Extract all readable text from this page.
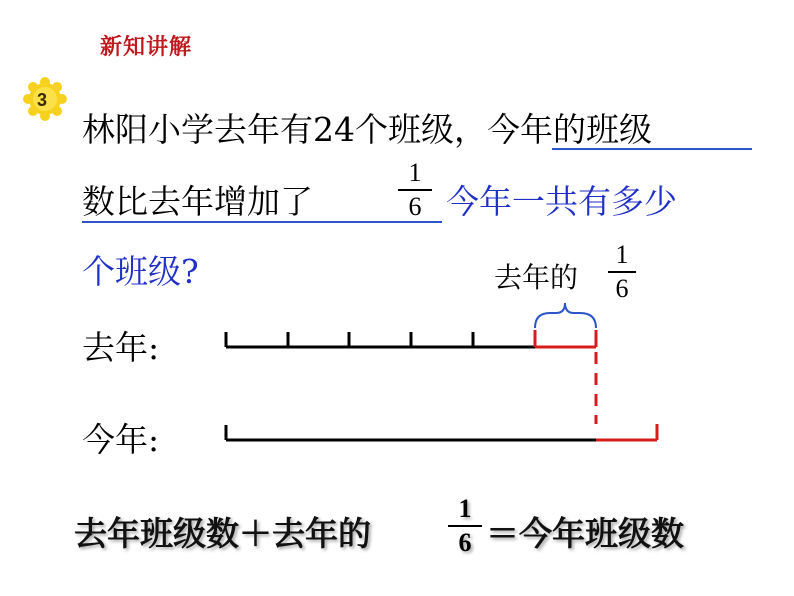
新知讲解
3
林阳小学去年有24个班级，今年的班级
数比去年增加了
1
6 今年一共有多少
个班级?	去年的
1
6
去年:
今年:
去年班级数＋去年的
1
6 ＝今年班级数
